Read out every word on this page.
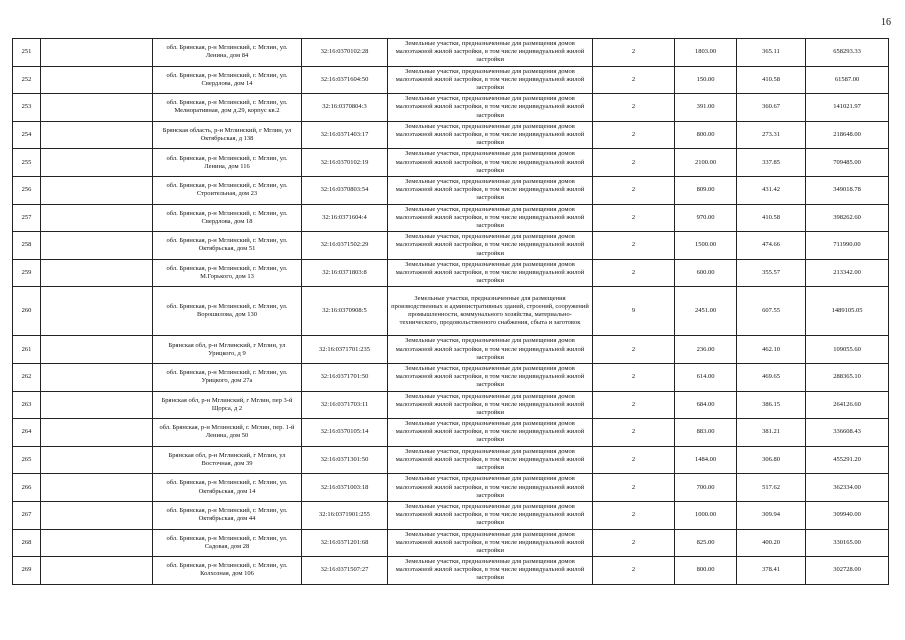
16
251		обл. Брянская, р-н Мглинский, г. Мглин, ул. Ленина, дом 84	32:16:0370102:28	Земельные участки, предназначенные для размещения домов малоэтажной жилой застройки, в том числе индивидуальной жилой застройки	2	1803.00	365.11	658293.33
252		обл. Брянская, р-н Мглинский, г. Мглин, ул. Свердлова, дом 14	32:16:0371604:50	Земельные участки, предназначенные для размещения домов малоэтажной жилой застройки, в том числе индивидуальной жилой застройки	2	150.00	410.58	61587.00
253		обл. Брянская, р-н Мглинский, г. Мглин, ул. Мелиоративная, дом д.29, корпус кв.2	32:16:0370804:3	Земельные участки, предназначенные для размещения домов малоэтажной жилой застройки, в том числе индивидуальной жилой застройки	2	391.00	360.67	141021.97
254		Брянская область, р-н Мглинский, г Мглин, ул Октябрьская, д 138	32:16:0371403:17	Земельные участки, предназначенные для размещения домов малоэтажной жилой застройки, в том числе индивидуальной жилой застройки	2	800.00	273.31	218648.00
255		обл. Брянская, р-н Мглинский, г. Мглин, ул. Ленина, дом 116	32:16:0370102:19	Земельные участки, предназначенные для размещения домов малоэтажной жилой застройки, в том числе индивидуальной жилой застройки	2	2100.00	337.85	709485.00
256		обл. Брянская, р-н Мглинский, г. Мглин, ул. Строительная, дом 23	32:16:0370803:54	Земельные участки, предназначенные для размещения домов малоэтажной жилой застройки, в том числе индивидуальной жилой застройки	2	809.00	431.42	349018.78
257		обл. Брянская, р-н Мглинский, г. Мглин, ул. Свердлова, дом 18	32:16:0371604:4	Земельные участки, предназначенные для размещения домов малоэтажной жилой застройки, в том числе индивидуальной жилой застройки	2	970.00	410.58	398262.60
258		обл. Брянская, р-н Мглинский, г. Мглин, ул. Октябрьская, дом 51	32:16:0371502:29	Земельные участки, предназначенные для размещения домов малоэтажной жилой застройки, в том числе индивидуальной жилой застройки	2	1500.00	474.66	711990.00
259		обл. Брянская, р-н Мглинский, г. Мглин, ул. М.Горького, дом 13	32:16:0371803:8	Земельные участки, предназначенные для размещения домов малоэтажной жилой застройки, в том числе индивидуальной жилой застройки	2	600.00	355.57	213342.00
260		обл. Брянская, р-н Мглинский, г. Мглин, ул. Ворошилова, дом 130	32:16:0370908:5	Земельные участки, предназначенные для размещения производственных и административных зданий, строений, сооружений промышленности, коммунального хозяйства, материально-технического, продовольственного снабжения, сбыта и заготовок	9	2451.00	607.55	1489105.05
261		Брянская обл, р-н Мглинский, г Мглин, ул Урицкого, д 9	32:16:0371701:235	Земельные участки, предназначенные для размещения домов малоэтажной жилой застройки, в том числе индивидуальной жилой застройки	2	236.00	462.10	109055.60
262		обл. Брянская, р-н Мглинский, г. Мглин, ул. Урицкого, дом 27а	32:16:0371701:50	Земельные участки, предназначенные для размещения домов малоэтажной жилой застройки, в том числе индивидуальной жилой застройки	2	614.00	469.65	288365.10
263		Брянская обл, р-н Мглинский, г Мглин, пер 3-й Щорса, д 2	32:16:0371703:11	Земельные участки, предназначенные для размещения домов малоэтажной жилой застройки, в том числе индивидуальной жилой застройки	2	684.00	386.15	264126.60
264		обл. Брянская, р-н Мглинский, г. Мглин, пер. 1-й Ленина, дом 50	32:16:0370105:14	Земельные участки, предназначенные для размещения домов малоэтажной жилой застройки, в том числе индивидуальной жилой застройки	2	883.00	381.21	336608.43
265		Брянская обл, р-н Мглинский, г Мглин, ул Восточная, дом 39	32:16:0371301:50	Земельные участки, предназначенные для размещения домов малоэтажной жилой застройки, в том числе индивидуальной жилой застройки	2	1484.00	306.80	455291.20
266		обл. Брянская, р-н Мглинский, г. Мглин, ул. Октябрьская, дом 14	32:16:0371003:18	Земельные участки, предназначенные для размещения домов малоэтажной жилой застройки, в том числе индивидуальной жилой застройки	2	700.00	517.62	362334.00
267		обл. Брянская, р-н Мглинский, г. Мглин, ул. Октябрьская, дом 44	32:16:0371901:255	Земельные участки, предназначенные для размещения домов малоэтажной жилой застройки, в том числе индивидуальной жилой застройки	2	1000.00	309.94	309940.00
268		обл. Брянская, р-н Мглинский, г. Мглин, ул. Садовая, дом 28	32:16:0371201:68	Земельные участки, предназначенные для размещения домов малоэтажной жилой застройки, в том числе индивидуальной жилой застройки	2	825.00	400.20	330165.00
269		обл. Брянская, р-н Мглинский, г. Мглин, ул. Колхозная, дом 106	32:16:0371507:27	Земельные участки, предназначенные для размещения домов малоэтажной жилой застройки, в том числе индивидуальной жилой застройки	2	800.00	378.41	302728.00
